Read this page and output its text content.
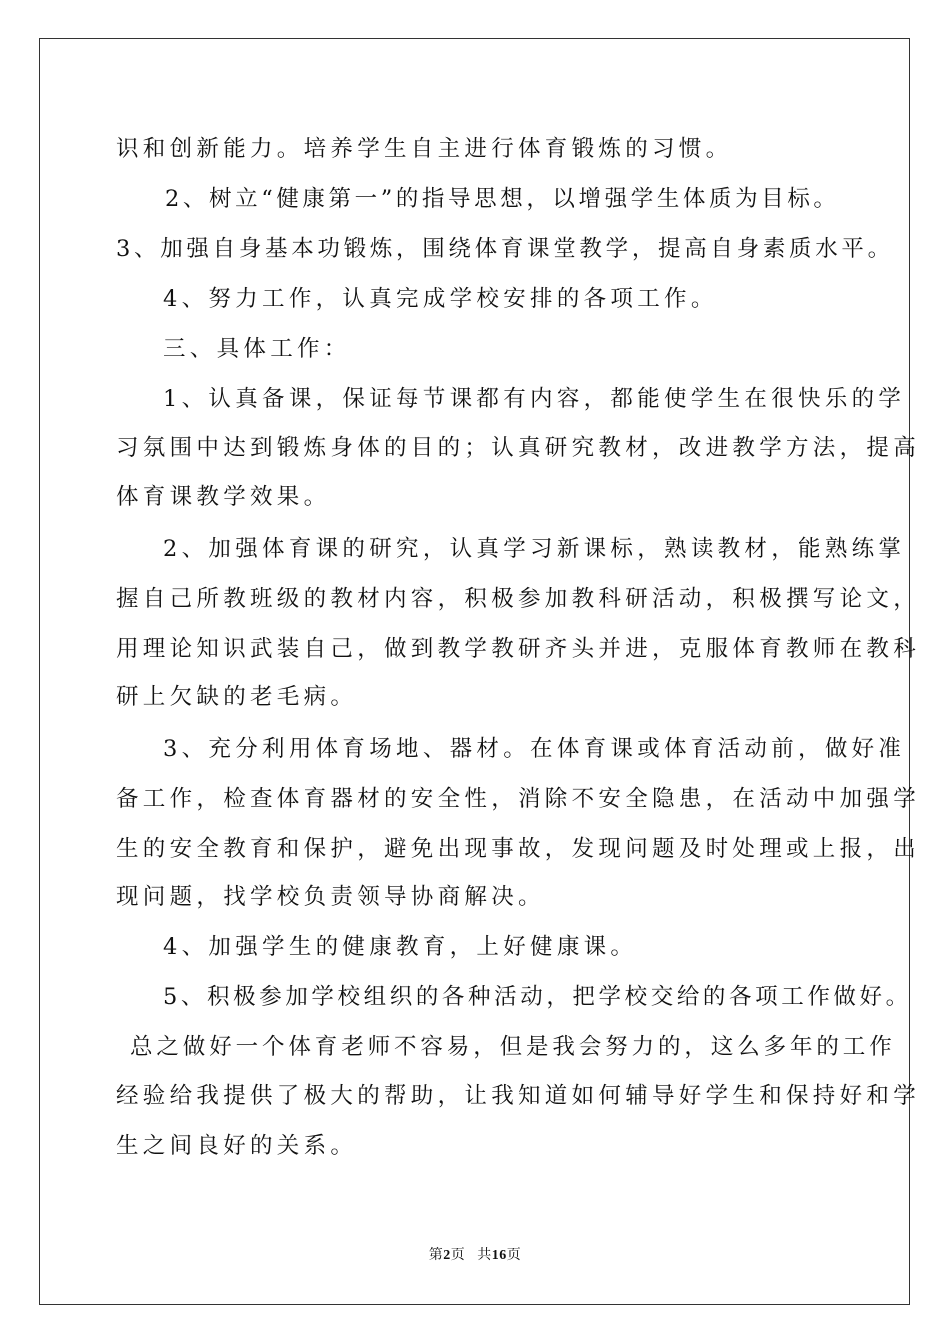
识和创新能力。培养学生自主进行体育锻炼的习惯。
2、树立“健康第一”的指导思想，以增强学生体质为目标。
3、加强自身基本功锻炼，围绕体育课堂教学，提高自身素质水平。
4、努力工作，认真完成学校安排的各项工作。
三、具体工作：
1、认真备课，保证每节课都有内容，都能使学生在很快乐的学
习氛围中达到锻炼身体的目的；认真研究教材，改进教学方法，提高
体育课教学效果。
2、加强体育课的研究，认真学习新课标，熟读教材，能熟练掌
握自己所教班级的教材内容，积极参加教科研活动，积极撰写论文，
用理论知识武装自己，做到教学教研齐头并进，克服体育教师在教科
研上欠缺的老毛病。
3、充分利用体育场地、器材。在体育课或体育活动前，做好准
备工作，检查体育器材的安全性，消除不安全隐患，在活动中加强学
生的安全教育和保护，避免出现事故，发现问题及时处理或上报，出
现问题，找学校负责领导协商解决。
4、加强学生的健康教育，上好健康课。
5、积极参加学校组织的各种活动，把学校交给的各项工作做好。
总之做好一个体育老师不容易，但是我会努力的，这么多年的工作
经验给我提供了极大的帮助，让我知道如何辅导好学生和保持好和学
生之间良好的关系。
第2页 共16页
